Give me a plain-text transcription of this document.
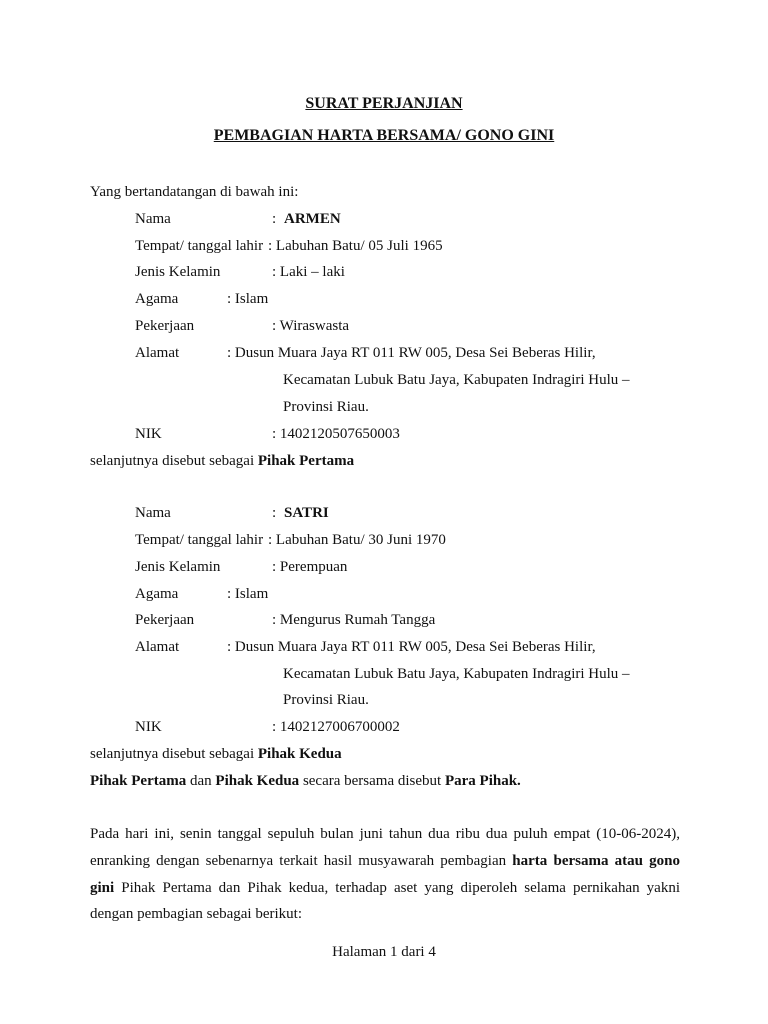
SURAT PERJANJIAN
PEMBAGIAN HARTA BERSAMA/ GONO GINI
Yang bertandatangan di bawah ini:
Nama	: ARMEN
Tempat/ tanggal lahir : Labuhan Batu/ 05 Juli 1965
Jenis Kelamin	: Laki – laki
Agama	: Islam
Pekerjaan	: Wiraswasta
Alamat	: Dusun Muara Jaya RT 011 RW 005, Desa Sei Beberas Hilir,
Kecamatan Lubuk Batu Jaya, Kabupaten Indragiri Hulu –
Provinsi Riau.
NIK	: 1402120507650003
selanjutnya disebut sebagai Pihak Pertama
Nama	: SATRI
Tempat/ tanggal lahir : Labuhan Batu/ 30 Juni 1970
Jenis Kelamin	: Perempuan
Agama	: Islam
Pekerjaan	: Mengurus Rumah Tangga
Alamat	: Dusun Muara Jaya RT 011 RW 005, Desa Sei Beberas Hilir,
Kecamatan Lubuk Batu Jaya, Kabupaten Indragiri Hulu –
Provinsi Riau.
NIK	: 1402127006700002
selanjutnya disebut sebagai Pihak Kedua
Pihak Pertama dan Pihak Kedua secara bersama disebut Para Pihak.
Pada hari ini, senin tanggal sepuluh bulan juni tahun dua ribu dua puluh empat (10-06-2024),
enranking dengan sebenarnya terkait hasil musyawarah pembagian harta bersama atau gono
gini Pihak Pertama dan Pihak kedua, terhadap aset yang diperoleh selama pernikahan yakni
dengan pembagian sebagai berikut:
Halaman 1 dari 4
